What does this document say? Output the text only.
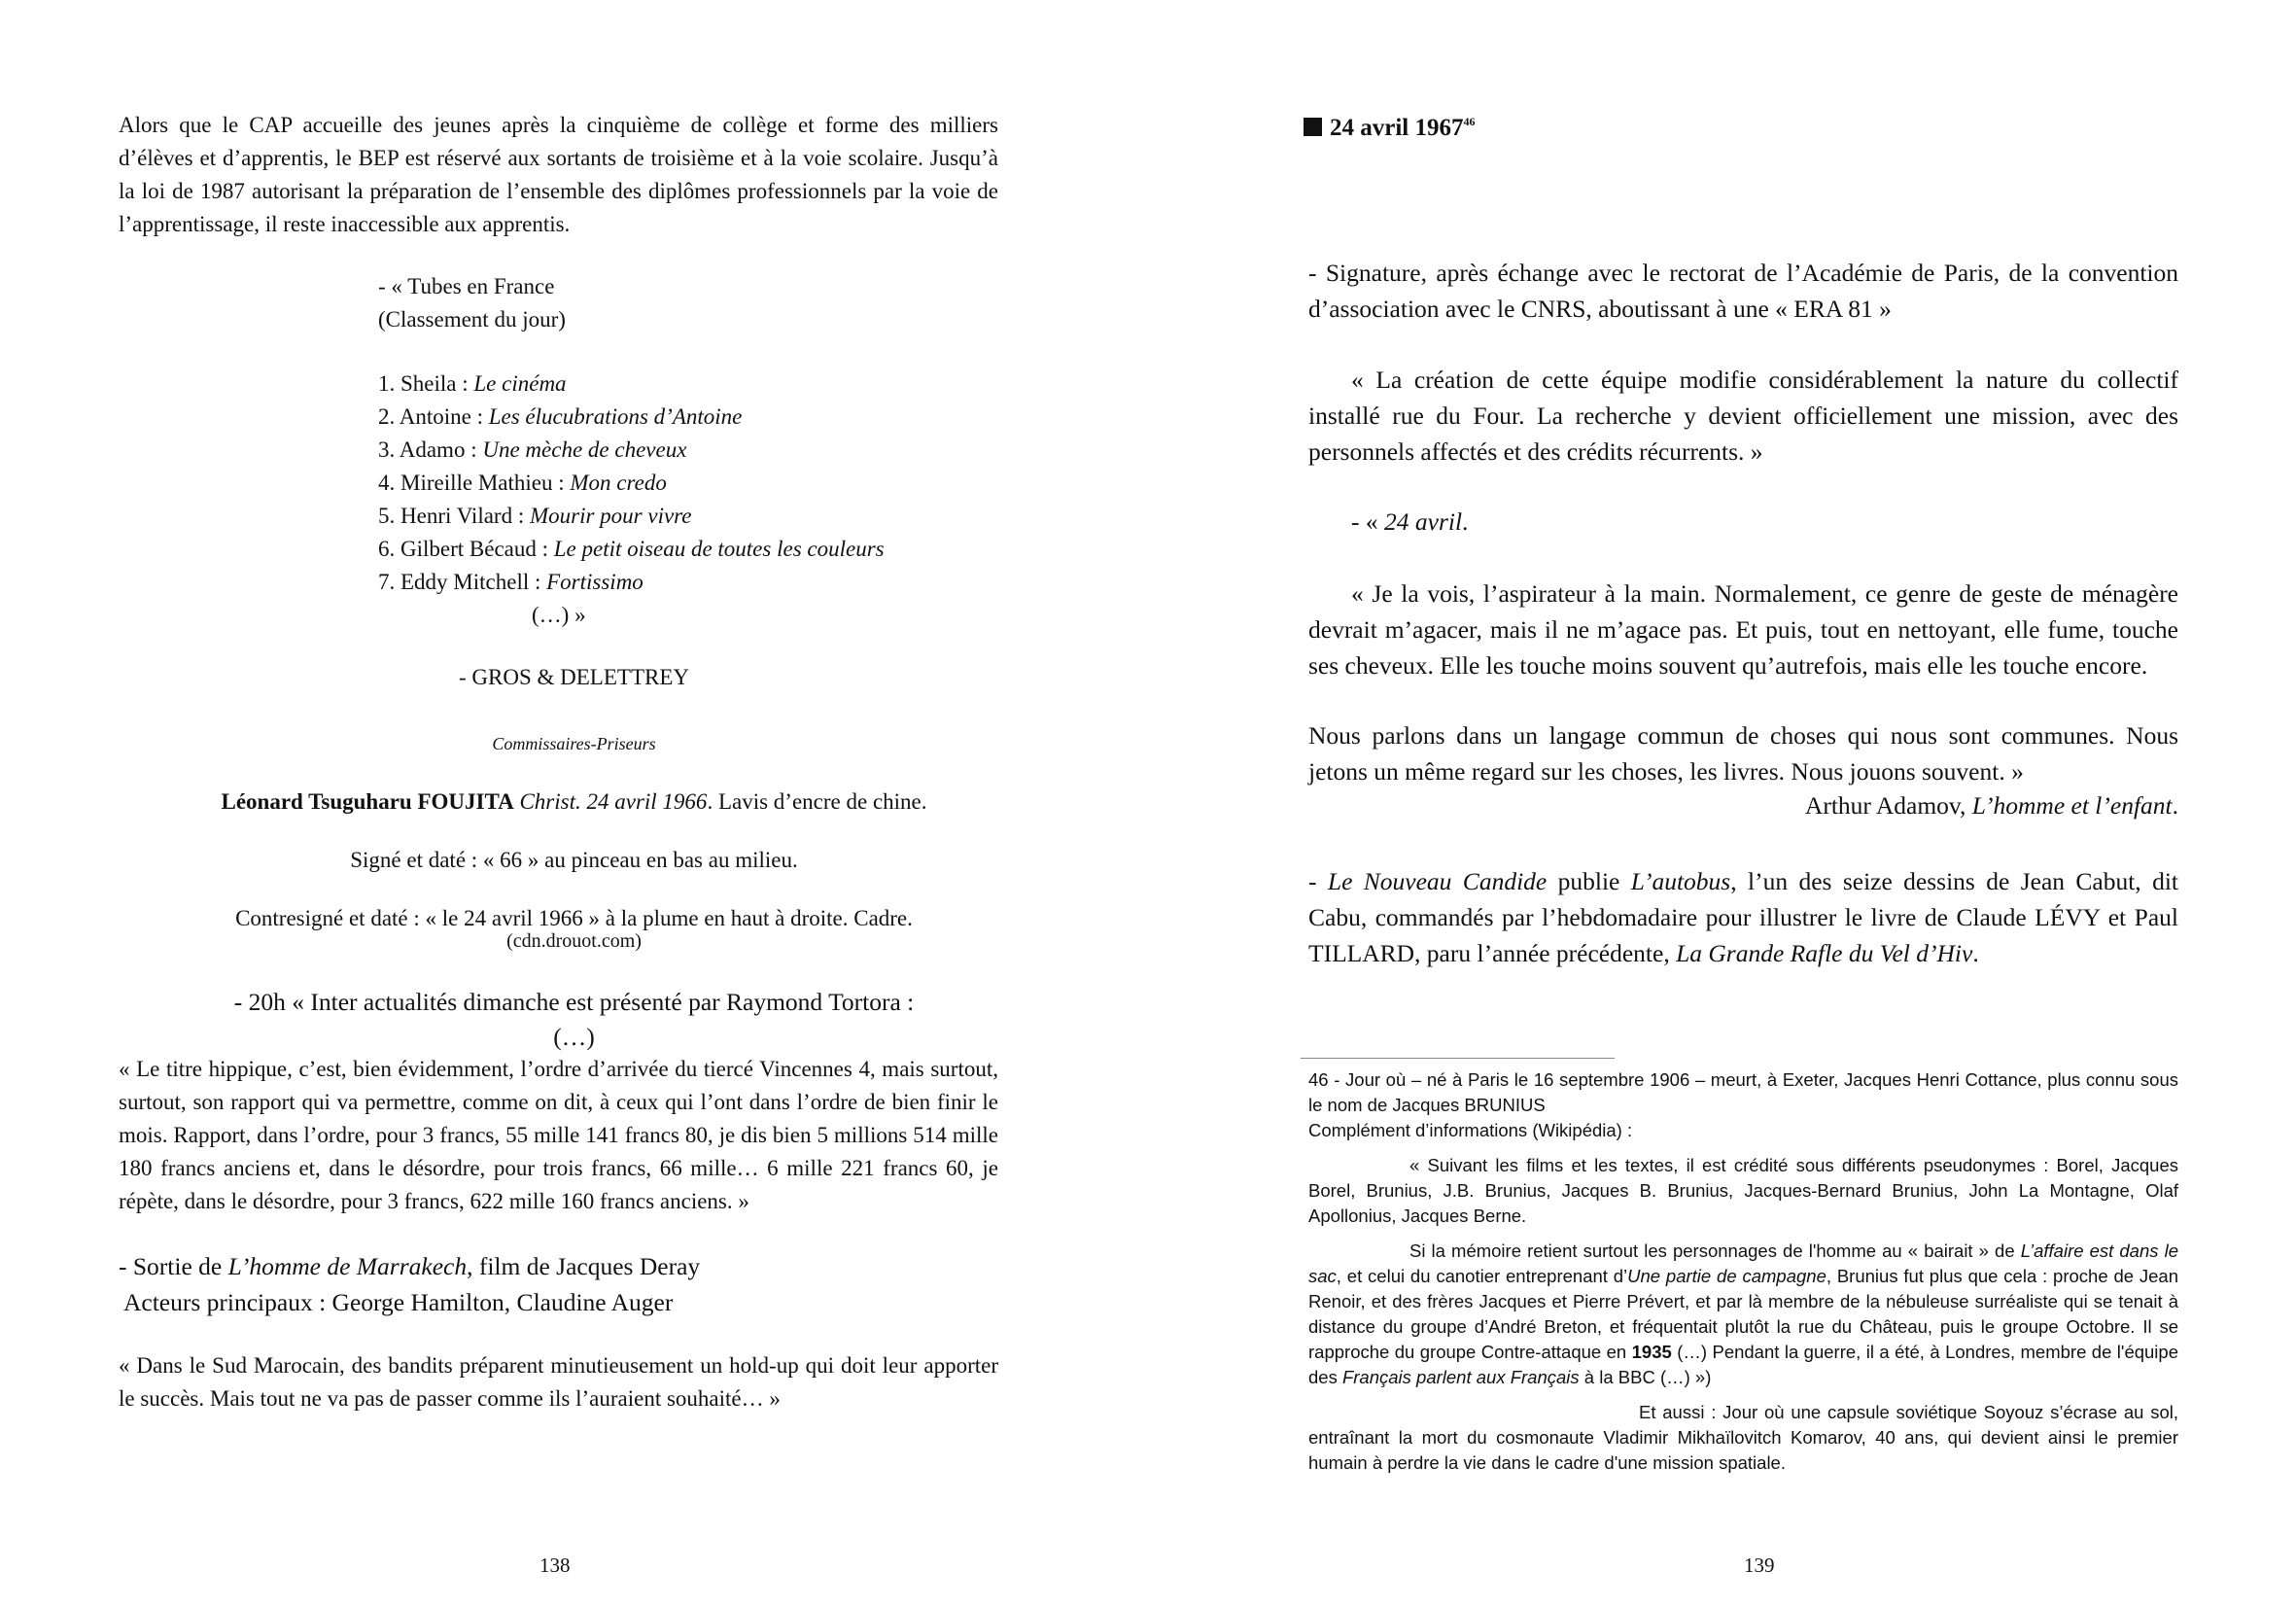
Alors que le CAP accueille des jeunes après la cinquième de collège et forme des milliers d’élèves et d’apprentis, le BEP est réservé aux sortants de troisième et à la voie scolaire. Jusqu’à la loi de 1987 autorisant la préparation de l’ensemble des diplômes professionnels par la voie de l’apprentissage, il reste inaccessible aux apprentis.

- « Tubes en France

(Classement du jour)

1. Sheila : Le cinéma

2. Antoine : Les élucubrations d’Antoine

3. Adamo : Une mèche de cheveux

4. Mireille Mathieu : Mon credo

5. Henri Vilard : Mourir pour vivre

6. Gilbert Bécaud : Le petit oiseau de toutes les couleurs

7. Eddy Mitchell : Fortissimo

(…) »

- GROS & DELETTREY

Commissaires-Priseurs

Léonard Tsuguharu FOUJITA Christ. 24 avril 1966. Lavis d’encre de chine.

Signé et daté : « 66 » au pinceau en bas au milieu.

Contresigné et daté : « le 24 avril 1966 » à la plume en haut à droite. Cadre.

(cdn.drouot.com)

- 20h « Inter actualités dimanche est présenté par Raymond Tortora :

(…)

« Le titre hippique, c’est, bien évidemment, l’ordre d’arrivée du tiercé Vincennes 4, mais surtout, surtout, son rapport qui va permettre, comme on dit, à ceux qui l’ont dans l’ordre de bien finir le mois. Rapport, dans l’ordre, pour 3 francs, 55 mille 141 francs 80, je dis bien 5 millions 514 mille 180 francs anciens et, dans le désordre, pour trois francs, 66 mille… 6 mille 221 francs 60, je répète, dans le désordre, pour 3 francs, 622 mille 160 francs anciens. »

- Sortie de L’homme de Marrakech, film de Jacques Deray

Acteurs principaux : George Hamilton, Claudine Auger

« Dans le Sud Marocain, des bandits préparent minutieusement un hold-up qui doit leur apporter le succès. Mais tout ne va pas de passer comme ils l’auraient souhaité… »

138

24 avril 1967$^{46}$

- Signature, après échange avec le rectorat de l’Académie de Paris, de la convention d’association avec le CNRS, aboutissant à une « ERA 81 »

« La création de cette équipe modifie considérablement la nature du collectif installé rue du Four. La recherche y devient officiellement une mission, avec des personnels affectés et des crédits récurrents. »

- « 24 avril.

« Je la vois, l’aspirateur à la main. Normalement, ce genre de geste de ménagère devrait m’agacer, mais il ne m’agace pas. Et puis, tout en nettoyant, elle fume, touche ses cheveux. Elle les touche moins souvent qu’autrefois, mais elle les touche encore.

Nous parlons dans un langage commun de choses qui nous sont communes. Nous jetons un même regard sur les choses, les livres. Nous jouons souvent. »

Arthur Adamov, L’homme et l’enfant.

- Le Nouveau Candide publie L’autobus, l’un des seize dessins de Jean Cabut, dit Cabu, commandés par l’hebdomadaire pour illustrer le livre de Claude LÉVY et Paul TILLARD, paru l’année précédente, La Grande Rafle du Vel d’Hiv.

46 - Jour où – né à Paris le 16 septembre 1906 – meurt, à Exeter, Jacques Henri Cottance, plus connu sous le nom de Jacques BRUNIUS

Complément d’informations (Wikipédia) :

« Suivant les films et les textes, il est crédité sous différents pseudonymes : Borel, Jacques Borel, Brunius, J.B. Brunius, Jacques B. Brunius, Jacques-Bernard Brunius, John La Montagne, Olaf Apollonius, Jacques Berne.

Si la mémoire retient surtout les personnages de l'homme au « bairait » de L’affaire est dans le sac, et celui du canotier entreprenant d’Une partie de campagne, Brunius fut plus que cela : proche de Jean Renoir, et des frères Jacques et Pierre Prévert, et par là membre de la nébuleuse surréaliste qui se tenait à distance du groupe d’André Breton, et fréquentait plutôt la rue du Château, puis le groupe Octobre. Il se rapproche du groupe Contre-attaque en 1935 (…) Pendant la guerre, il a été, à Londres, membre de l'équipe des Français parlent aux Français à la BBC (…) »)

Et aussi : Jour où une capsule soviétique Soyouz s’écrase au sol, entraînant la mort du cosmonaute Vladimir Mikhaïlovitch Komarov, 40 ans, qui devient ainsi le premier humain à perdre la vie dans le cadre d'une mission spatiale.

139
